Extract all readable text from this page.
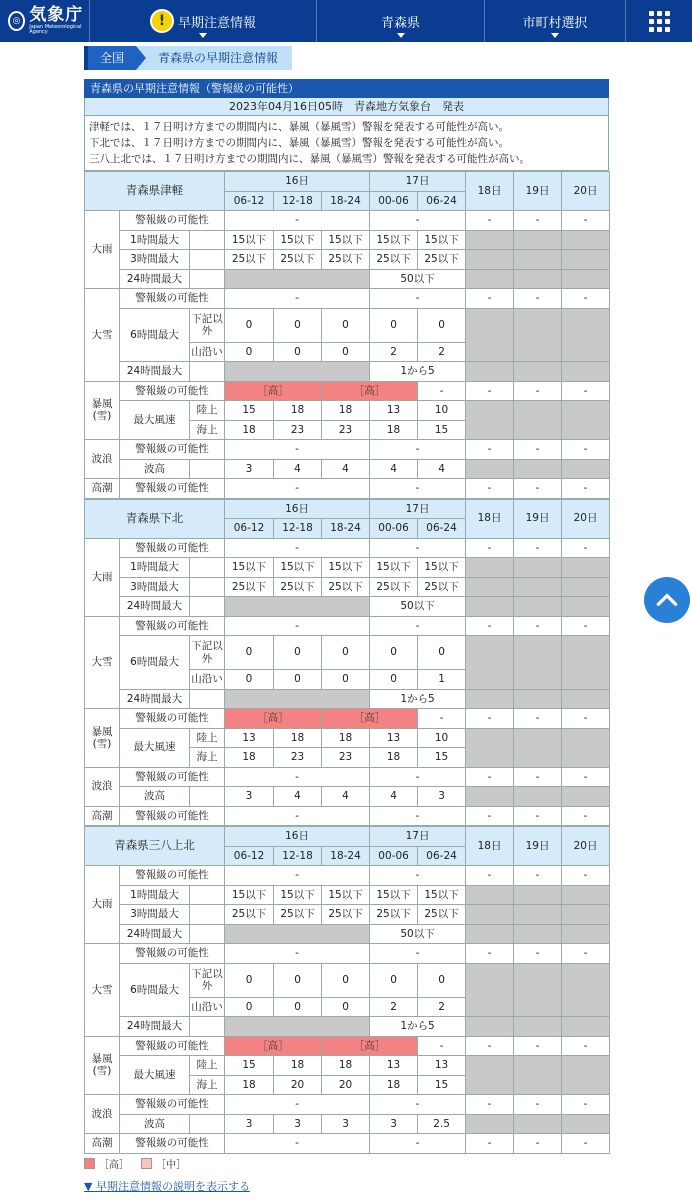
◎ 気象庁
Japan Meteorological Agency
! 早期注意情報	青森県	市町村選択
全国	青森県の早期注意情報
青森県の早期注意情報（警報級の可能性）
2023年04月16日05時　青森地方気象台　発表
津軽では、１７日明け方までの期間内に、暴風（暴風雪）警報を発表する可能性が高い。
下北では、１７日明け方までの期間内に、暴風（暴風雪）警報を発表する可能性が高い。
三八上北では、１７日明け方までの期間内に、暴風（暴風雪）警報を発表する可能性が高い。
青森県津軽			16日			17日		18日	19日	20日
			06-12	12-18	18-24	00-06	06-24			
大雨	警報級の可能性		-			-		-	-	-
	1時間最大		15以下	15以下	15以下	15以下	15以下			
	3時間最大		25以下	25以下	25以下	25以下	25以下			
	24時間最大					50以下				
大雪	警報級の可能性		-			-		-	-	-
	6時間最大	下記以外	0	0	0	0	0			
		山沿い	0	0	0	2	2			
	24時間最大					1から5				
暴風
(雪)	警報級の可能性		［高］		［高］		-	-	-	-
	最大風速	陸上	15	18	18	13	10			
		海上	18	23	23	18	15			
波浪	警報級の可能性		-			-		-	-	-
	波高		3	4	4	4	4			
高潮	警報級の可能性		-			-		-	-	-
青森県下北			16日			17日		18日	19日	20日
			06-12	12-18	18-24	00-06	06-24			
大雨	警報級の可能性		-			-		-	-	-
	1時間最大		15以下	15以下	15以下	15以下	15以下			
	3時間最大		25以下	25以下	25以下	25以下	25以下			
	24時間最大					50以下				
大雪	警報級の可能性		-			-		-	-	-
	6時間最大	下記以外	0	0	0	0	0			
		山沿い	0	0	0	0	1			
	24時間最大					1から5				
暴風
(雪)	警報級の可能性		［高］		［高］		-	-	-	-
	最大風速	陸上	13	18	18	13	10			
		海上	18	23	23	18	15			
波浪	警報級の可能性		-			-		-	-	-
	波高		3	4	4	4	3			
高潮	警報級の可能性		-			-		-	-	-
青森県三八上北			16日			17日		18日	19日	20日
			06-12	12-18	18-24	00-06	06-24			
大雨	警報級の可能性		-			-		-	-	-
	1時間最大		15以下	15以下	15以下	15以下	15以下			
	3時間最大		25以下	25以下	25以下	25以下	25以下			
	24時間最大					50以下				
大雪	警報級の可能性		-			-		-	-	-
	6時間最大	下記以外	0	0	0	0	0			
		山沿い	0	0	0	2	2			
	24時間最大					1から5				
暴風
(雪)	警報級の可能性		［高］		［高］		-	-	-	-
	最大風速	陸上	15	18	18	13	13			
		海上	18	20	20	18	15			
波浪	警報級の可能性		-			-		-	-	-
	波高		3	3	3	3	2.5			
高潮	警報級の可能性		-			-		-	-	-
［高］	［中］
▼ 早期注意情報の説明を表示する
